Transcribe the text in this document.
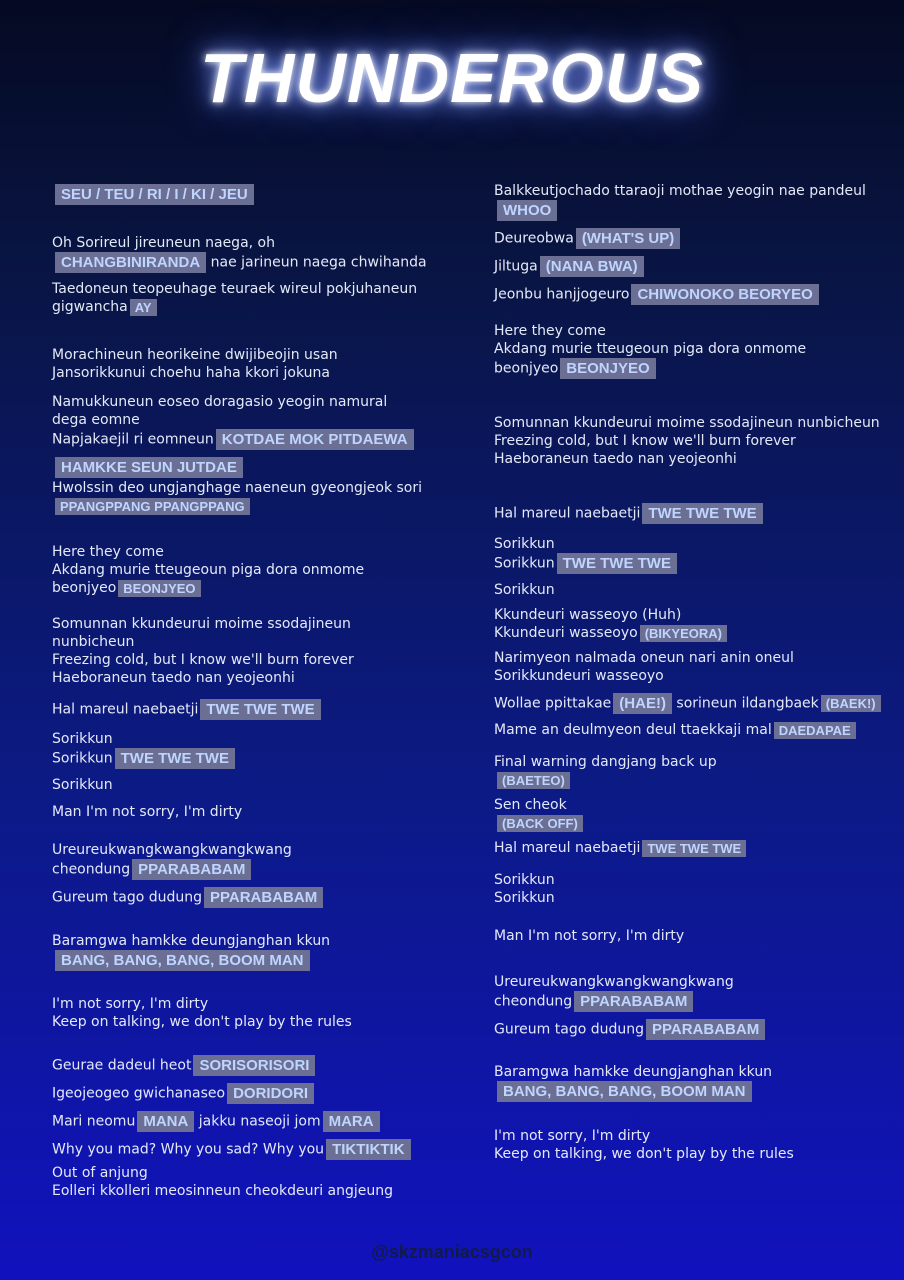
THUNDEROUS
SEU / TEU / RI / I / KI / JEU
Oh Sorireul jireuneun naega, oh
CHANGBINIRANDA nae jarineun naega chwihanda
Taedoneun teopeuhage teuraek wireul pokjuhaneun
gigwancha AY
Morachineun heorikeine dwijibeojin usan
Jansorikkunui choehu haha kkori jokuna
Namukkuneun eoseo doragasio yeogin namural
dega eomne
Napjakaejil ri eomneun KOTDAE MOK PITDAEWA
HAMKKE SEUN JUTDAE
Hwolssin deo ungjanghage naeneun gyeongjeok sori
PPANGPPANG PPANGPPANG
Here they come
Akdang murie tteugeoun piga dora onmome
beonjyeo BEONJYEO
Somunnan kkundeurui moime ssodajineun
nunbicheun
Freezing cold, but I know we'll burn forever
Haeboraneun taedo nan yeojeonhi
Hal mareul naebaetji TWE TWE TWE
Sorikkun
Sorikkun TWE TWE TWE
Sorikkun
Man I'm not sorry, I'm dirty
Ureureukwangkwangkwangkwang
cheondung PPARABABAM
Gureum tago dudung PPARABABAM
Baramgwa hamkke deungjanghan kkun
BANG, BANG, BANG, BOOM MAN
I'm not sorry, I'm dirty
Keep on talking, we don't play by the rules
Geurae dadeul heot SORISORISORI
Igeojeogeo gwichanaseo DORIDORI
Mari neomu MANA jakku naseoji jom MARA
Why you mad? Why you sad? Why you TIKTIKTIK
Out of anjung
Eolleri kkolleri meosinneun cheokdeuri angjeung
Balkkeutjochado ttaraoji mothae yeogin nae pandeul
WHOO
Deureobwa (WHAT'S UP)
Jiltuga (NANA BWA)
Jeonbu hanjjogeuro CHIWONOKO BEORYEO
Here they come
Akdang murie tteugeoun piga dora onmome
beonjyeo BEONJYEO
Somunnan kkundeurui moime ssodajineun nunbicheun
Freezing cold, but I know we'll burn forever
Haeboraneun taedo nan yeojeonhi
Hal mareul naebaetji TWE TWE TWE
Sorikkun
Sorikkun TWE TWE TWE
Sorikkun
Kkundeuri wasseoyo (Huh)
Kkundeuri wasseoyo (BIKYEORA)
Narimyeon nalmada oneun nari anin oneul
Sorikkundeuri wasseoyo
Wollae ppittakae (HAE!) sorineun ildangbaek (BAEK!)
Mame an deulmyeon deul ttaekkaji mal DAEDAPAE
Final warning dangjang back up
(BAETEO)
Sen cheok
(BACK OFF)
Hal mareul naebaetji TWE TWE TWE
Sorikkun
Sorikkun
Man I'm not sorry, I'm dirty
Ureureukwangkwangkwangkwang
cheondung PPARABABAM
Gureum tago dudung PPARABABAM
Baramgwa hamkke deungjanghan kkun
BANG, BANG, BANG, BOOM MAN
I'm not sorry, I'm dirty
Keep on talking, we don't play by the rules
@skzmaniacsgcon
